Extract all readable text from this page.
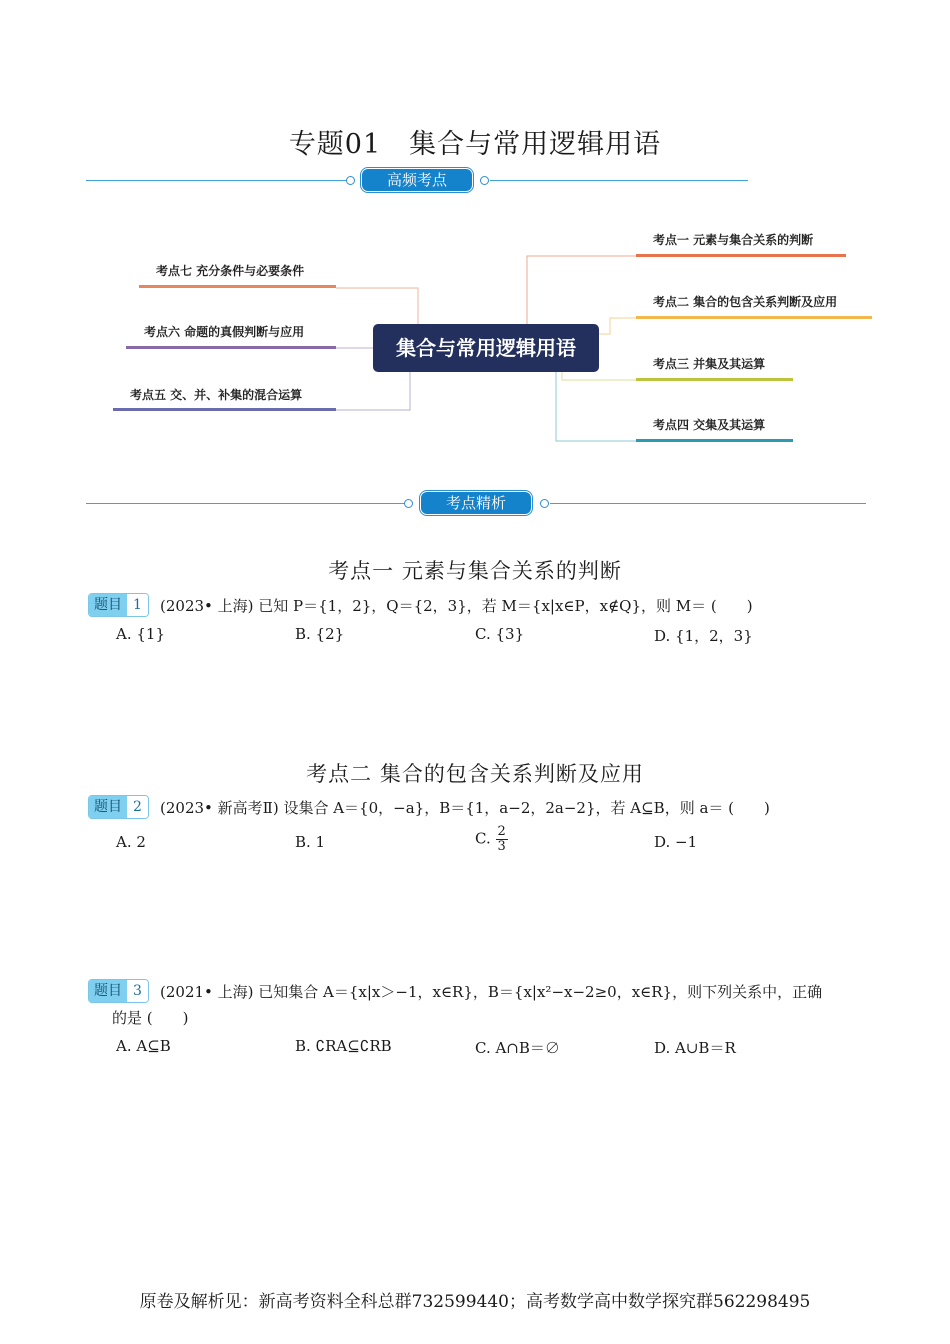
专题01　集合与常用逻辑用语
高频考点
集合与常用逻辑用语
考点七 充分条件与必要条件
考点六 命题的真假判断与应用
考点五 交、并、补集的混合运算
考点一 元素与集合关系的判断
考点二 集合的包含关系判断及应用
考点三 并集及其运算
考点四 交集及其运算
考点精析
考点一 元素与集合关系的判断
题目 1	(2023• 上海) 已知 P＝{1，2}，Q＝{2，3}，若 M＝{x|x∈P，x∉Q}，则 M＝ (　　)
A. {1}	B. {2}	C. {3}	D. {1，2，3}
考点二 集合的包含关系判断及应用
题目 2	(2023• 新高考Ⅱ) 设集合 A＝{0，−a}，B＝{1，a−2，2a−2}，若 A⊆B，则 a＝ (　　)
A. 2	B. 1	C. $\frac{2}{3}$	D. −1
题目 3	(2021• 上海) 已知集合 A＝{x|x＞−1，x∈R}，B＝{x|x²−x−2≥0，x∈R}，则下列关系中，正确
的是 (　　)
A. A⊆B	B. ∁RA⊆∁RB	C. A∩B＝∅	D. A∪B＝R
原卷及解析见：新高考资料全科总群732599440；高考数学高中数学探究群562298495
